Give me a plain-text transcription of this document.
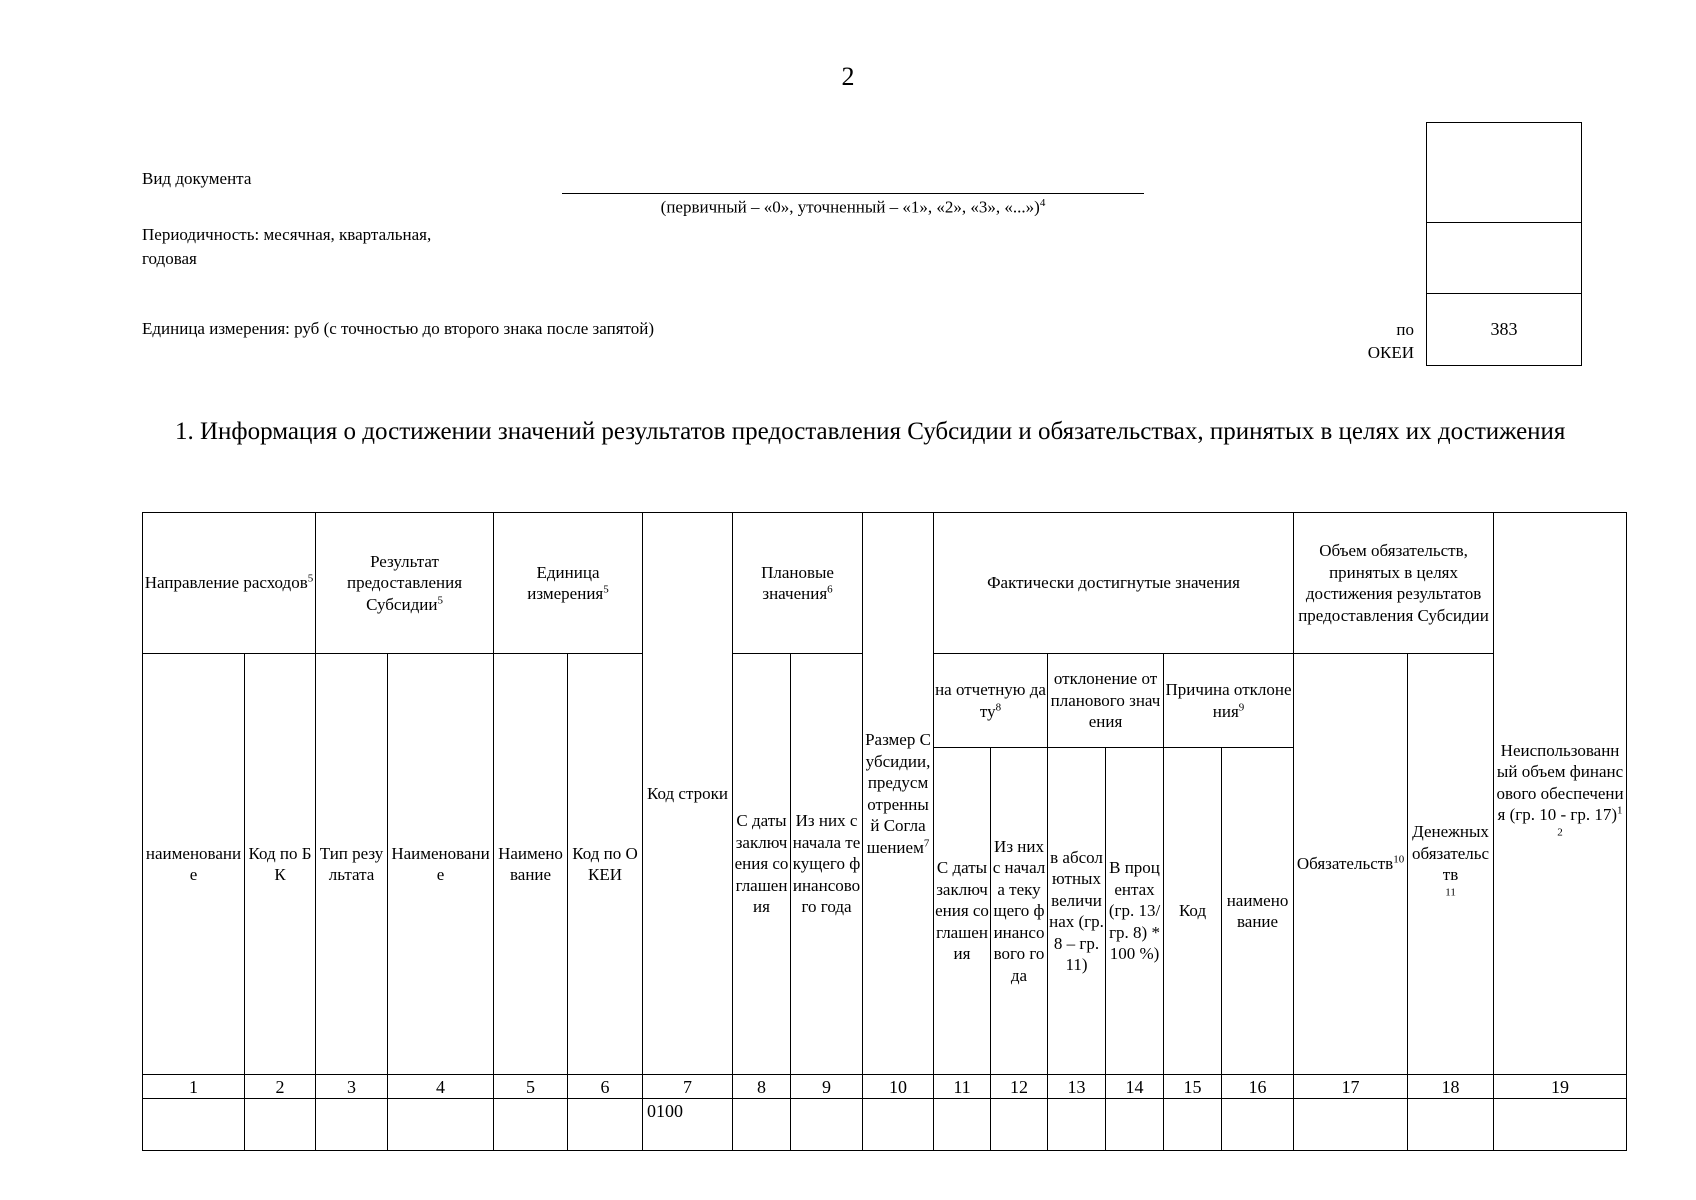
2
Вид документа
(первичный – «0», уточненный – «1», «2», «3», «...»)$^4$
Периодичность: месячная, квартальная,
годовая
Единица измерения: руб (с точностью до второго знака после запятой)	по
ОКЕИ
383
1. Информация о достижении значений результатов предоставления Субсидии и обязательствах, принятых в целях их достижения
Направление расходов$^5$		Результат предоставления Субсидии$^5$		Единица измерения$^5$		Код строки	Плановые значения$^6$		Размер Субсидии, предусмотренный Соглашением$^7$	Фактически достигнутые значения						Объем обязательств, принятых в целях достижения результатов предоставления Субсидии		Неиспользованный объем финансового обеспечения (гр. 10 - гр. 17)$^{12}$
наименование	Код по БК	Тип результата	Наименование	Наименование	Код по ОКЕИ		С даты заключения соглашения	Из них с начала текущего финансового года		на отчетную дату$^8$		отклонение от планового значения		Причина отклонения$^9$		Обязательств$^{10}$	Денежных обязательств
$^{11}$
										С даты заключения соглашения	Из них с начала текущего финансового года	в абсолютных величинах (гр. 8 – гр. 11)	В процентах (гр. 13/гр. 8) * 100 %)	Код	наименование			
1	2	3	4	5	6	7	8	9	10	11	12	13	14	15	16	17	18	19
						0100												
